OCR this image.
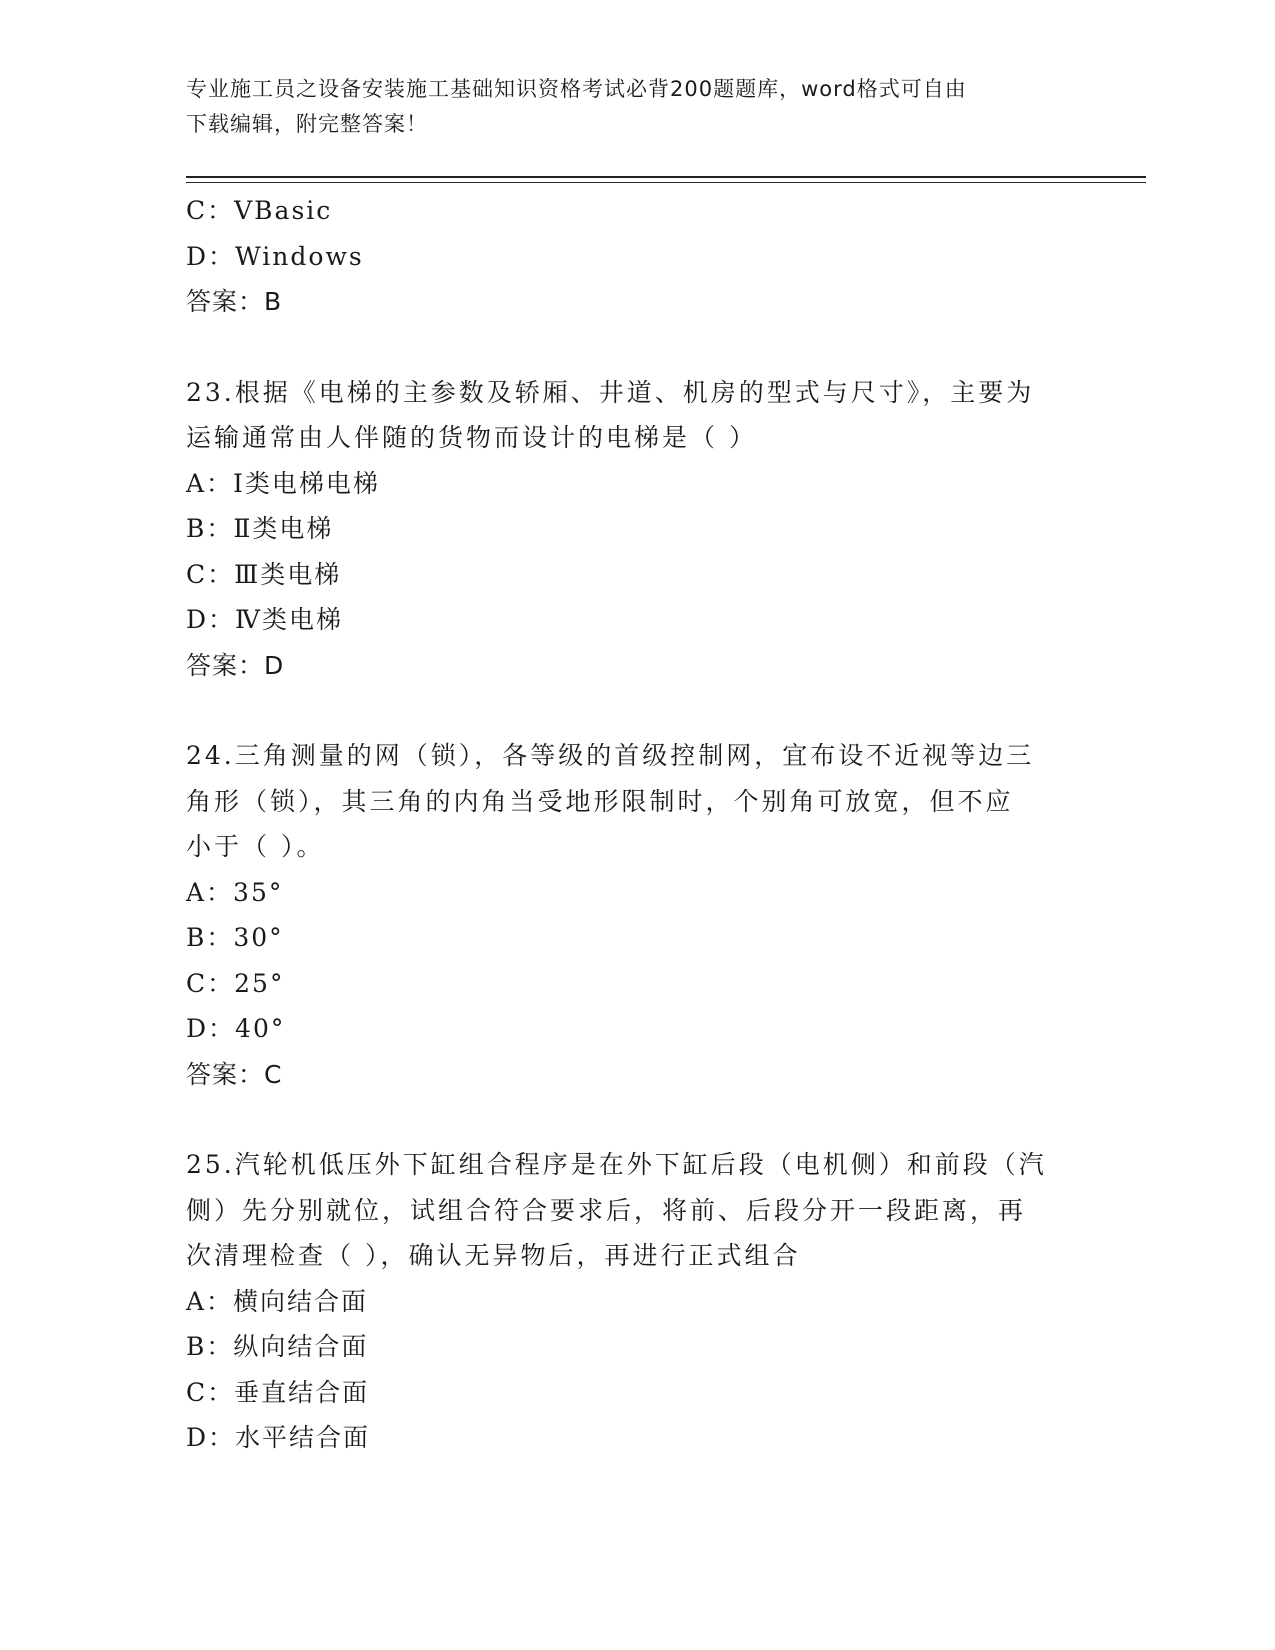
专业施工员之设备安装施工基础知识资格考试必背200题题库，word格式可自由
下载编辑，附完整答案！
C：VBasic
D：Windows
答案：B
23.根据《电梯的主参数及轿厢、井道、机房的型式与尺寸》，主要为
运输通常由人伴随的货物而设计的电梯是（ ）
A：Ⅰ类电梯电梯
B：Ⅱ类电梯
C：Ⅲ类电梯
D：Ⅳ类电梯
答案：D
24.三角测量的网（锁），各等级的首级控制网，宜布设不近视等边三
角形（锁），其三角的内角当受地形限制时，个别角可放宽，但不应
小于（ ）。
A：35°
B：30°
C：25°
D：40°
答案：C
25.汽轮机低压外下缸组合程序是在外下缸后段（电机侧）和前段（汽
侧）先分别就位，试组合符合要求后，将前、后段分开一段距离，再
次清理检查（ ），确认无异物后，再进行正式组合
A：横向结合面
B：纵向结合面
C：垂直结合面
D：水平结合面
